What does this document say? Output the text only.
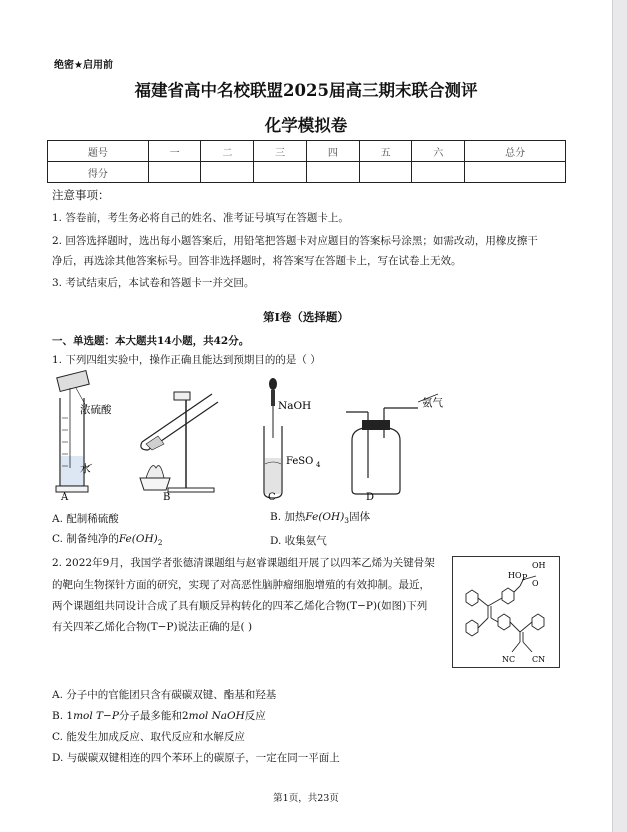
绝密★启用前
福建省高中名校联盟2025届高三期末联合测评
化学模拟卷
题号	一	二	三	四	五	六	总分
得分							
注意事项：
1. 答卷前，考生务必将自己的姓名、准考证号填写在答题卡上。
2. 回答选择题时，选出每小题答案后，用铅笔把答题卡对应题目的答案标号涂黑；如需改动，用橡皮擦干
净后，再选涂其他答案标号。回答非选择题时，将答案写在答题卡上，写在试卷上无效。
3. 考试结束后，本试卷和答题卡一并交回。
第Ⅰ卷（选择题）
一、单选题：本大题共14小题，共42分。
1. 下列四组实验中，操作正确且能达到预期目的的是（ ）
浓硫酸
水
A	B
NaOH
FeSO 4
C
氨气
D
A. 配制稀硫酸	B. 加热$Fe(OH)_3$固体
C. 制备纯净的$Fe(OH)_2$	D. 收集氨气
2. 2022年9月，我国学者张德清课题组与赵睿课题组开展了以四苯乙烯为关键骨架
的靶向生物探针方面的研究，实现了对高恶性脑肿瘤细胞增殖的有效抑制。最近，
两个课题组共同设计合成了具有顺反异构转化的四苯乙烯化合物(T−P)(如图)下列
有关四苯乙烯化合物(T−P)说法正确的是( )
OH
HO P
O
NC CN
A. 分子中的官能团只含有碳碳双键、酯基和羟基
B. 1mol T−P分子最多能和2mol NaOH反应
C. 能发生加成反应、取代反应和水解反应
D. 与碳碳双键相连的四个苯环上的碳原子，一定在同一平面上
第1页，共23页
